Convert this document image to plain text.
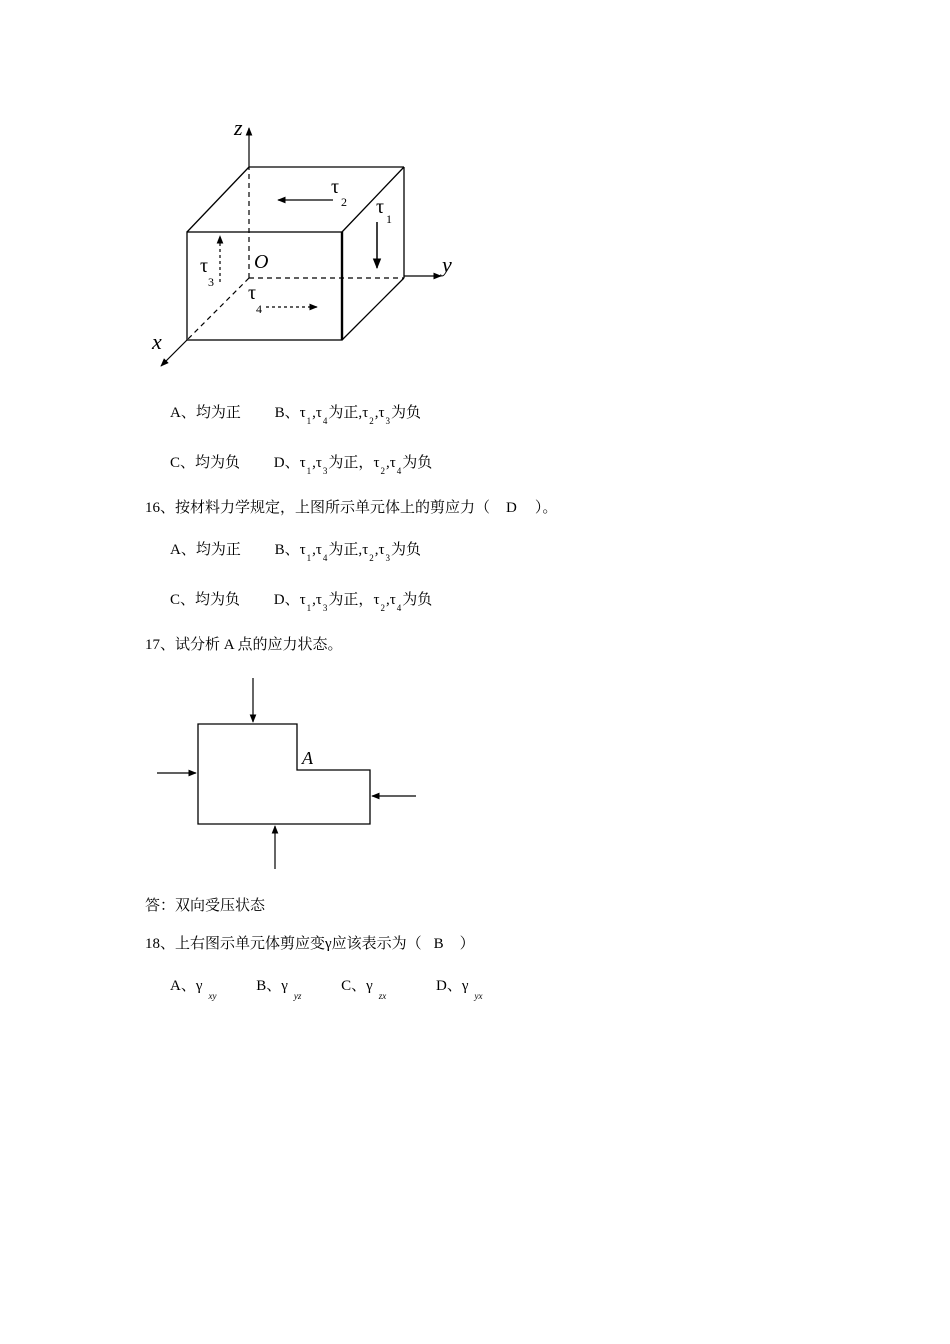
z
y
x
O
τ
2 τ
1
τ
3 τ
4
A
A、均为正 B、$\tau_1,\tau_4$为正$,\tau_2,\tau_3$为负
C、均为负 D、$\tau_1,\tau_3$为正，$\tau_2,\tau_4$为负
16、按材料力学规定，上图所示单元体上的剪应力（ D ）。
A、均为正 B、$\tau_1,\tau_4$为正$,\tau_2,\tau_3$为负
C、均为负 D、$\tau_1,\tau_3$为正，$\tau_2,\tau_4$为负
17、试分析 A 点的应力状态。
答：双向受压状态
18、上右图示单元体剪应变γ应该表示为（ B ）
A、$\gamma_{xy}$ B、$\gamma_{yz}$ C、$\gamma_{zx}$ D、$\gamma_{yx}$
